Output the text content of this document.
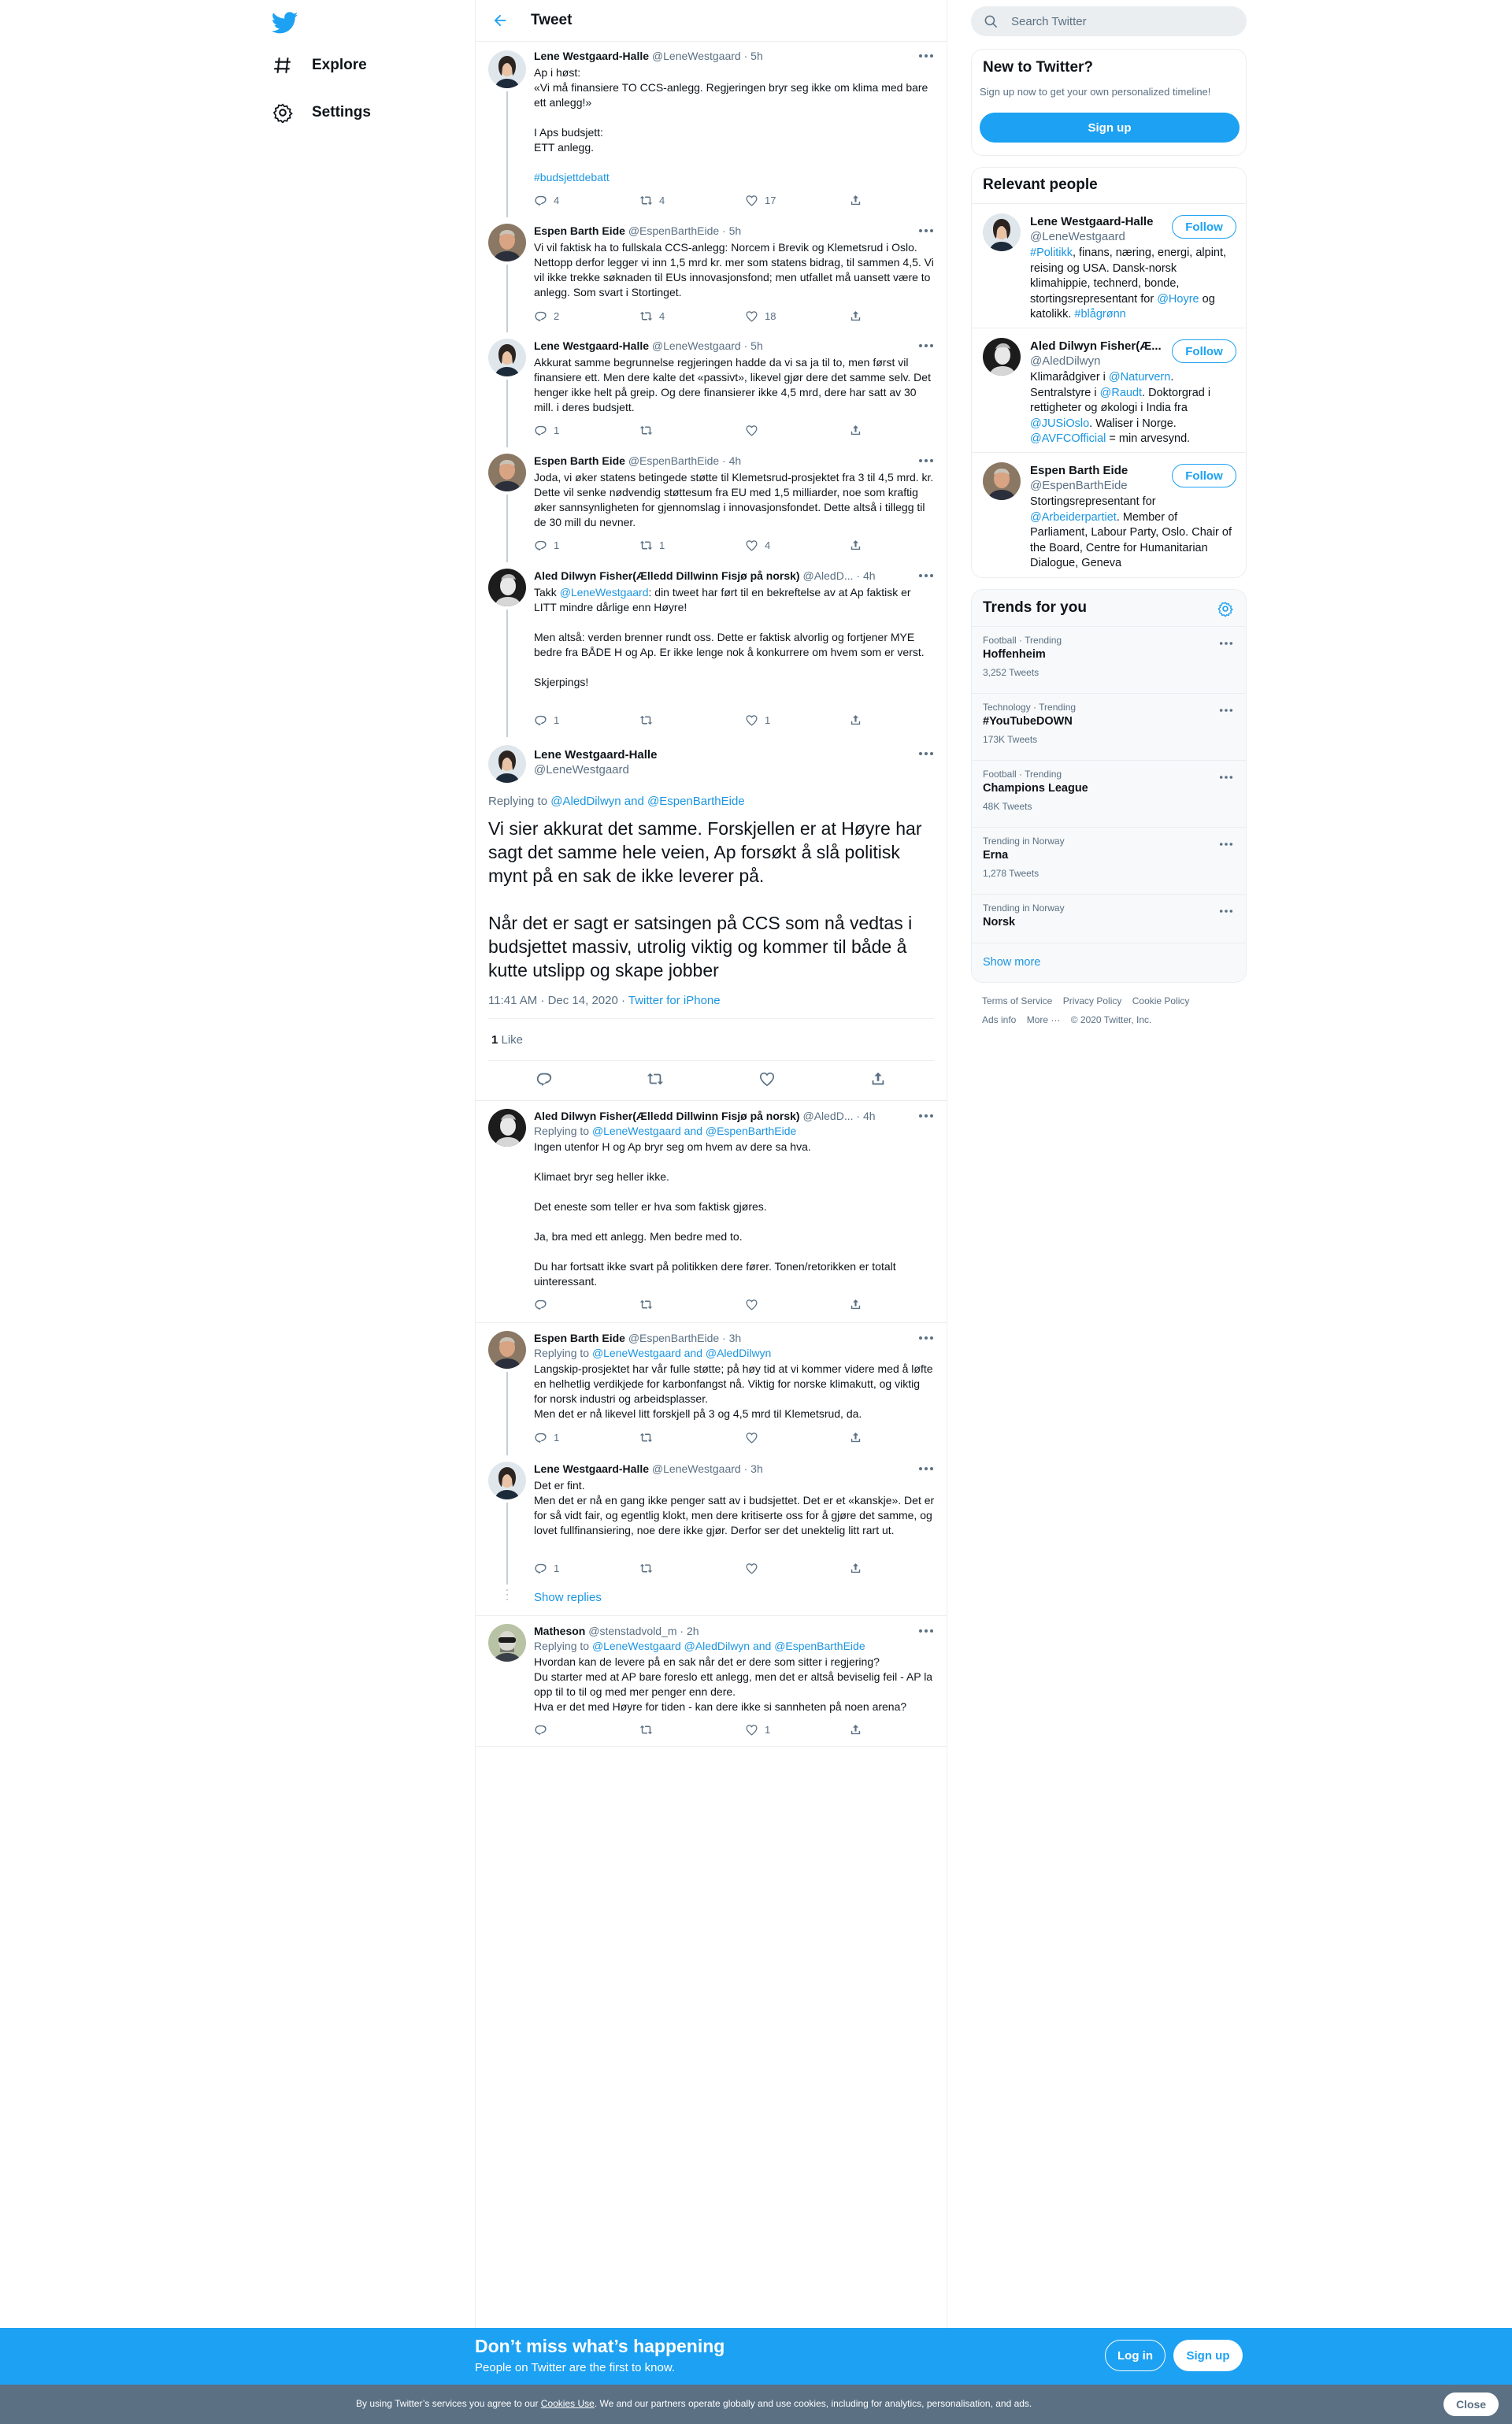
Explore
Settings
Tweet
Lene Westgaard-Halle @LeneWestgaard · 5h
Ap i høst:
«Vi må finansiere TO CCS-anlegg. Regjeringen bryr seg ikke om klima med bare ett anlegg!»

I Aps budsjett:
ETT anlegg.

#budsjettdebatt
4	4	17
Espen Barth Eide @EspenBarthEide · 5h
Vi vil faktisk ha to fullskala CCS-anlegg: Norcem i Brevik og Klemetsrud i Oslo. Nettopp derfor legger vi inn 1,5 mrd kr. mer som statens bidrag, til sammen 4,5. Vi vil ikke trekke søknaden til EUs innovasjonsfond; men utfallet må uansett være to anlegg. Som svart i Stortinget.
2	4	18
Lene Westgaard-Halle @LeneWestgaard · 5h
Akkurat samme begrunnelse regjeringen hadde da vi sa ja til to, men først vil finansiere ett. Men dere kalte det «passivt», likevel gjør dere det samme selv. Det henger ikke helt på greip. Og dere finansierer ikke 4,5 mrd, dere har satt av 30 mill. i deres budsjett.
1
Espen Barth Eide @EspenBarthEide · 4h
Joda, vi øker statens betingede støtte til Klemetsrud-prosjektet fra 3 til 4,5 mrd. kr. Dette vil senke nødvendig støttesum fra EU med 1,5 milliarder, noe som kraftig øker sannsynligheten for gjennomslag i innovasjonsfondet. Dette altså i tillegg til de 30 mill du nevner.
1	1	4
Aled Dilwyn Fisher(Ælledd Dillwinn Fisjø på norsk) @AledD... · 4h
Takk @LeneWestgaard: din tweet har ført til en bekreftelse av at Ap faktisk er LITT mindre dårlige enn Høyre!

Men altså: verden brenner rundt oss. Dette er faktisk alvorlig og fortjener MYE bedre fra BÅDE H og Ap. Er ikke lenge nok å konkurrere om hvem som er verst.

Skjerpings!
1	1
Lene Westgaard-Halle
@LeneWestgaard
Replying to @AledDilwyn and @EspenBarthEide
Vi sier akkurat det samme. Forskjellen er at Høyre har sagt det samme hele veien, Ap forsøkt å slå politisk mynt på en sak de ikke leverer på.

Når det er sagt er satsingen på CCS som nå vedtas i budsjettet massiv, utrolig viktig og kommer til både å kutte utslipp og skape jobber
11:41 AM · Dec 14, 2020 · Twitter for iPhone
1 Like
Aled Dilwyn Fisher(Ælledd Dillwinn Fisjø på norsk) @AledD... · 4h
Replying to @LeneWestgaard and @EspenBarthEide
Ingen utenfor H og Ap bryr seg om hvem av dere sa hva.

Klimaet bryr seg heller ikke.

Det eneste som teller er hva som faktisk gjøres.

Ja, bra med ett anlegg. Men bedre med to.

Du har fortsatt ikke svart på politikken dere fører. Tonen/retorikken er totalt uinteressant.
Espen Barth Eide @EspenBarthEide · 3h
Replying to @LeneWestgaard and @AledDilwyn
Langskip-prosjektet har vår fulle støtte; på høy tid at vi kommer videre med å løfte en helhetlig verdikjede for karbonfangst nå. Viktig for norske klimakutt, og viktig for norsk industri og arbeidsplasser.
Men det er nå likevel litt forskjell på 3 og 4,5 mrd til Klemetsrud, da.
1
Lene Westgaard-Halle @LeneWestgaard · 3h
Det er fint.
Men det er nå en gang ikke penger satt av i budsjettet. Det er et «kanskje». Det er for så vidt fair, og egentlig klokt, men dere kritiserte oss for å gjøre det samme, og lovet fullfinansiering, noe dere ikke gjør. Derfor ser det unektelig litt rart ut.
1
Show replies
Matheson @stenstadvold_m · 2h
Replying to @LeneWestgaard @AledDilwyn and @EspenBarthEide
Hvordan kan de levere på en sak når det er dere som sitter i regjering?
Du starter med at AP bare foreslo ett anlegg, men det er altså beviselig feil - AP la opp til to til og med mer penger enn dere.
Hva er det med Høyre for tiden - kan dere ikke si sannheten på noen arena?
1
Search Twitter
New to Twitter?
Sign up now to get your own personalized timeline!
Sign up
Relevant people
Lene Westgaard-Halle
@LeneWestgaard
Follow
#Politikk, finans, næring, energi, alpint, reising og USA. Dansk-norsk klimahippie, technerd, bonde, stortingsrepresentant for @Hoyre og katolikk. #blågrønn
Aled Dilwyn Fisher(Æ...
@AledDilwyn
Follow
Klimarådgiver i @Naturvern. Sentralstyre i @Raudt. Doktorgrad i rettigheter og økologi i India fra @JUSiOslo. Waliser i Norge. @AVFCOfficial = min arvesynd.
Espen Barth Eide
@EspenBarthEide
Follow
Stortingsrepresentant for @Arbeiderpartiet. Member of Parliament, Labour Party, Oslo. Chair of the Board, Centre for Humanitarian Dialogue, Geneva
Trends for you
Football · Trending
Hoffenheim
3,252 Tweets
Technology · Trending
#YouTubeDOWN
173K Tweets
Football · Trending
Champions League
48K Tweets
Trending in Norway
Erna
1,278 Tweets
Trending in Norway
Norsk
Show more
Terms of Service Privacy Policy Cookie Policy
Ads info More ··· © 2020 Twitter, Inc.
Don’t miss what’s happening
People on Twitter are the first to know.
Log in	Sign up
By using Twitter’s services you agree to our Cookies Use. We and our partners operate globally and use cookies, including for analytics, personalisation, and ads.	Close
